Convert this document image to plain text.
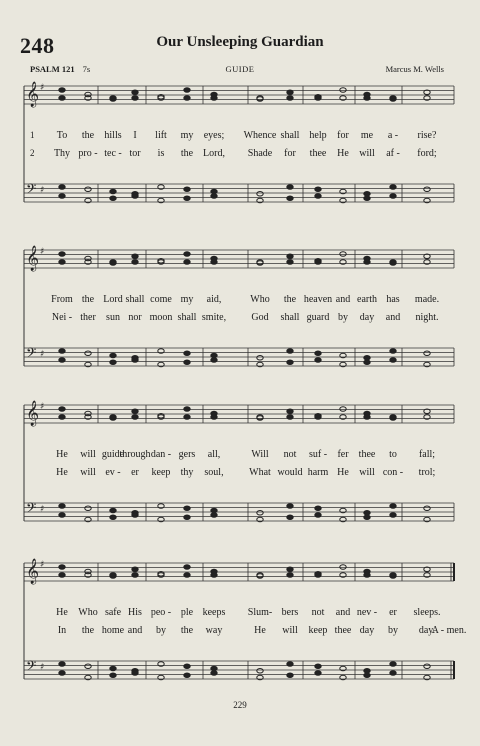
248	Our Unsleeping Guardian
PSALM 121 7s	GUIDE	Marcus M. Wells
𝄞
𝄢
♯
♯
1 To the hills I lift my eyes; Whence shall help for me a - rise?
2 Thy pro - tec - tor is the Lord, Shade for thee He will af - ford;
𝄞
𝄢
♯
♯
From the Lord shall come my aid,	Who the heaven and earth has made.
Nei - ther sun nor moon shall smite,	God shall guard by day and night.
𝄞
𝄢
♯
♯
He will guide
through dan - gers all,	Will not suf - fer thee to fall;
He will ev - er keep thy soul,	What would harm He will con - trol;
𝄞
𝄢
♯
♯
He Who safe His peo - ple keeps Slum- bers not and nev - er sleeps.
In the home and by the way	He will keep thee day by day.
A - men.
229
